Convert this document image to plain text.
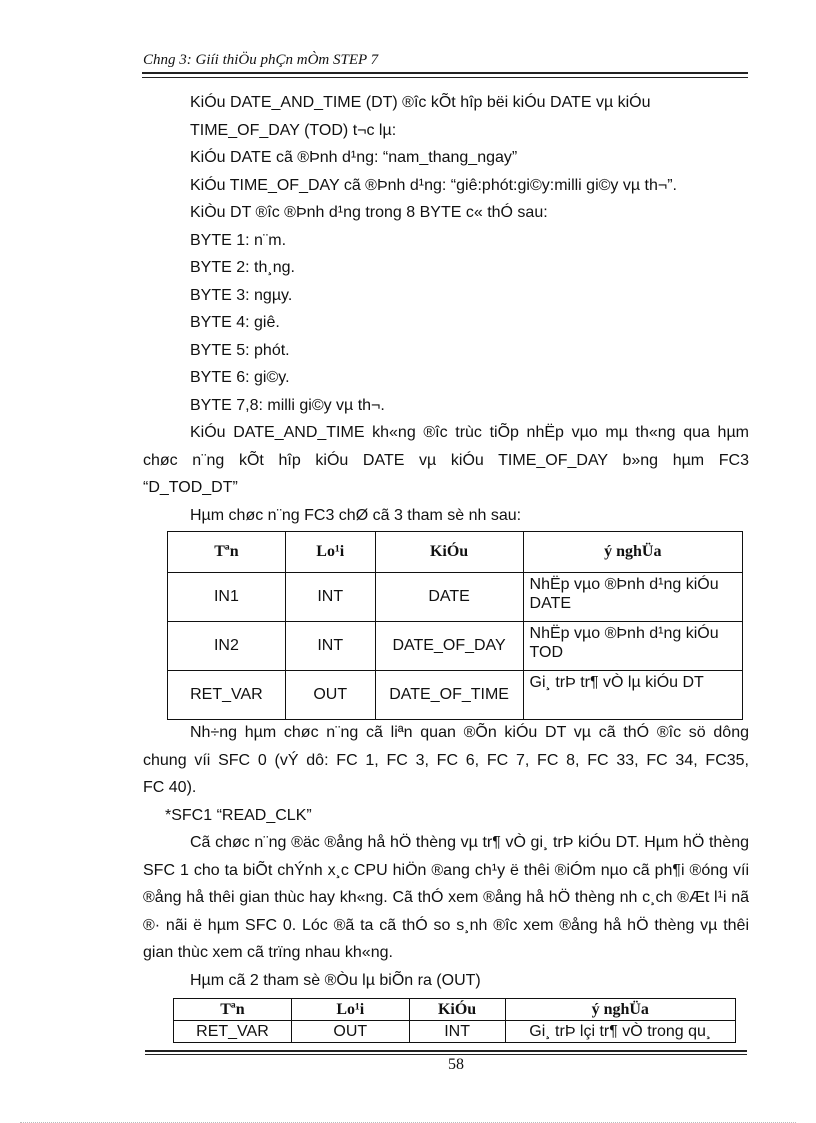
Chng 3: Giíi thiÖu phÇn mÒm STEP 7

KiÓu DATE_AND_TIME (DT) ®îc kÕt hîp bëi kiÓu DATE vµ kiÓu

TIME_OF_DAY (TOD) t¬c lµ:

KiÓu DATE cã ®Þnh d¹ng: “nam_thang_ngay”

KiÓu TIME_OF_DAY cã ®Þnh d¹ng: “giê:phót:gi©y:milli gi©y vµ th¬”.

KiÒu DT ®îc ®Þnh d¹ng trong 8 BYTE c« thÓ sau:

BYTE 1: n¨m.

BYTE 2: th¸ng.

BYTE 3: ngµy.

BYTE 4: giê.

BYTE 5: phót.

BYTE 6: gi©y.

BYTE 7,8: milli gi©y vµ th¬.

KiÓu DATE_AND_TIME kh«ng ®îc trùc tiÕp nhËp vµo mµ th«ng qua hµm

chøc n¨ng kÕt hîp kiÓu DATE vµ kiÓu TIME_OF_DAY b»ng hµm FC3

“D_TOD_DT”

Hµm chøc n¨ng FC3 chØ cã 3 tham sè nh sau:

Tªn	Lo¹i	KiÓu	ý nghÜa
IN1	INT	DATE	NhËp vµo ®Þnh d¹ng kiÓu DATE
IN2	INT	DATE_OF_DAY	NhËp vµo ®Þnh d¹ng kiÓu TOD
RET_VAR	OUT	DATE_OF_TIME	Gi¸ trÞ tr¶ vÒ lµ kiÓu DT

Nh÷ng hµm chøc n¨ng cã liªn quan ®Õn kiÓu DT vµ cã thÓ ®îc sö dông

chung víi SFC 0 (vÝ dô: FC 1, FC 3, FC 6, FC 7, FC 8, FC 33, FC 34, FC35,

FC 40).

*SFC1 “READ_CLK”

Cã chøc n¨ng ®äc ®ång hå hÖ thèng vµ tr¶ vÒ gi¸ trÞ kiÓu DT. Hµm hÖ thèng

SFC 1 cho ta biÕt chÝnh x¸c CPU hiÖn ®ang ch¹y ë thêi ®iÓm nµo cã ph¶i ®óng víi

®ång hå thêi gian thùc hay kh«ng. Cã thÓ xem ®ång hå hÖ thèng nh c¸ch ®Æt l¹i nã

®· nãi ë hµm SFC 0. Lóc ®ã ta cã thÓ so s¸nh ®îc xem ®ång hå hÖ thèng vµ thêi

gian thùc xem cã trïng nhau kh«ng.

Hµm cã 2 tham sè ®Òu lµ biÕn ra (OUT)

Tªn	Lo¹i	KiÓu	ý nghÜa
RET_VAR	OUT	INT	Gi¸ trÞ lçi tr¶ vÒ trong qu¸
58
